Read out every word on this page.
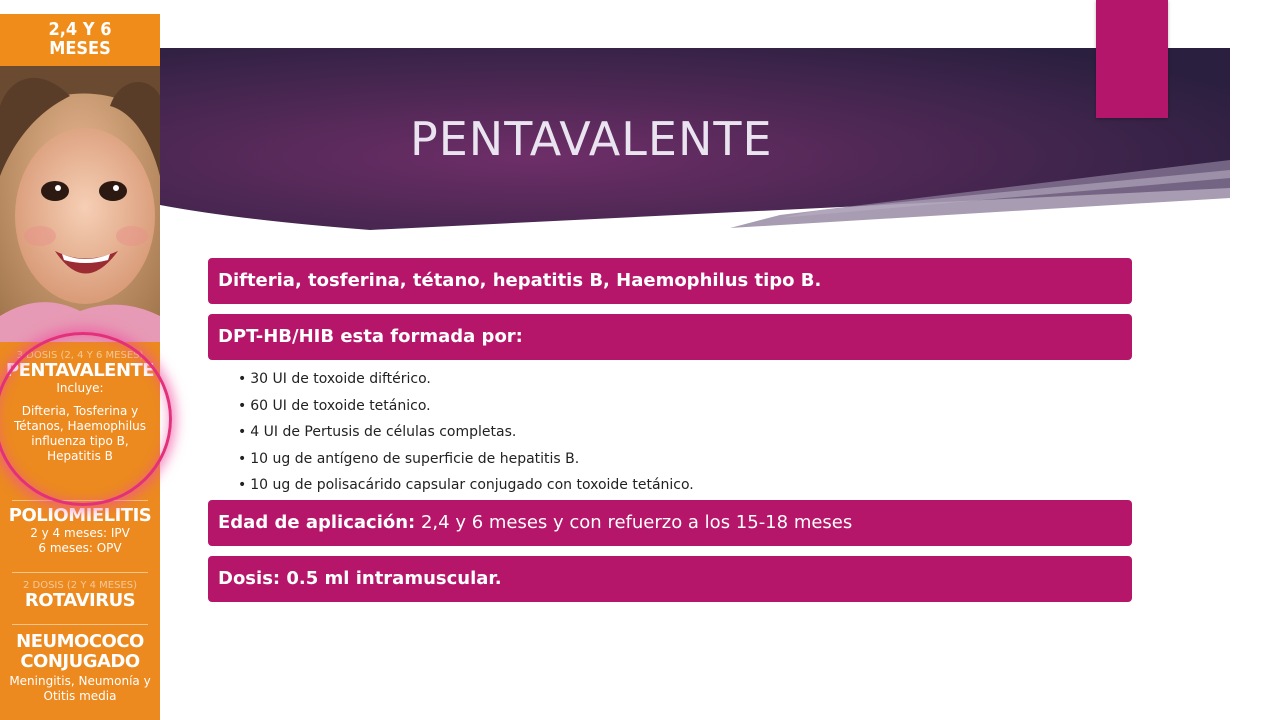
2,4 Y 6
MESES
3 DOSIS (2, 4 Y 6 MESES)
PENTAVALENTE
Incluye:
Difteria, Tosferina y Tétanos, Haemophilus influenza tipo B, Hepatitis B
POLIOMIELITIS
2 y 4 meses: IPV
6 meses: OPV
2 DOSIS (2 Y 4 MESES)
ROTAVIRUS
NEUMOCOCO
CONJUGADO
Meningitis, Neumonía y Otitis media
PENTAVALENTE
Difteria, tosferina, tétano, hepatitis B, Haemophilus tipo B.
DPT-HB/HIB esta formada por:
• 30 UI de toxoide diftérico.
• 60 UI de toxoide tetánico.
• 4 UI de Pertusis de células completas.
• 10 ug de antígeno de superficie de hepatitis B.
• 10 ug de polisacárido capsular conjugado con toxoide tetánico.
Edad de aplicación: 2,4 y 6 meses y con refuerzo a los 15-18 meses
Dosis: 0.5 ml intramuscular.
